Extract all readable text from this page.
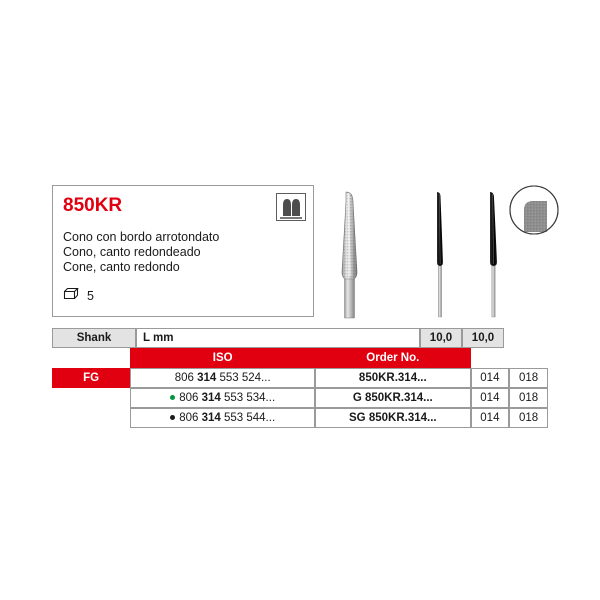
850KR
Cono con bordo arrotondato
Cono, canto redondeado
Cone, canto redondo
5
Shank	L mm	10,0	10,0
ISO	Order No.
FG	806 314 553 524...	850KR.314...	014	018
806 314 553 534...	G 850KR.314...	014	018
806 314 553 544...	SG 850KR.314...	014	018
